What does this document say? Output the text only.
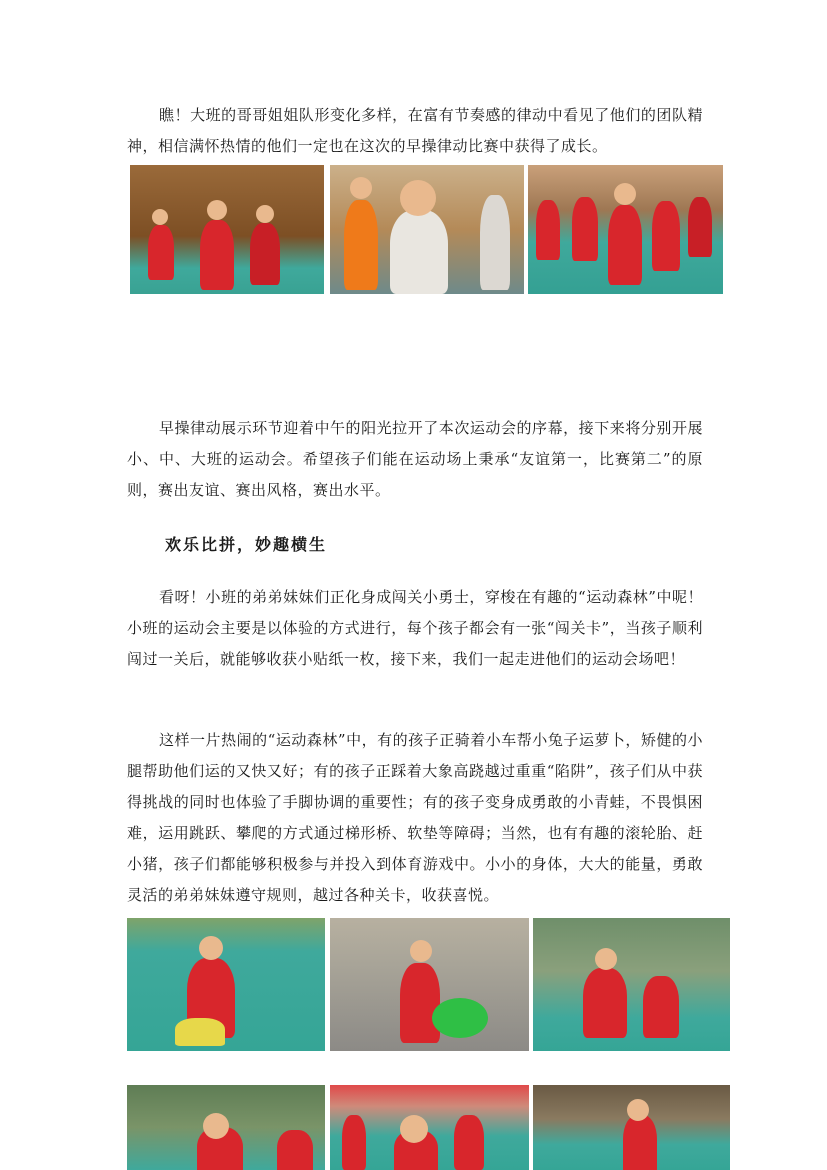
瞧！大班的哥哥姐姐队形变化多样，在富有节奏感的律动中看见了他们的团队精神，相信满怀热情的他们一定也在这次的早操律动比赛中获得了成长。

早操律动展示环节迎着中午的阳光拉开了本次运动会的序幕，接下来将分别开展小、中、大班的运动会。希望孩子们能在运动场上秉承“友谊第一，比赛第二”的原则，赛出友谊、赛出风格，赛出水平。

欢乐比拼，妙趣横生

看呀！小班的弟弟妹妹们正化身成闯关小勇士，穿梭在有趣的“运动森林”中呢！小班的运动会主要是以体验的方式进行，每个孩子都会有一张“闯关卡”，当孩子顺利闯过一关后，就能够收获小贴纸一枚，接下来，我们一起走进他们的运动会场吧！

这样一片热闹的“运动森林”中，有的孩子正骑着小车帮小兔子运萝卜，矫健的小腿帮助他们运的又快又好；有的孩子正踩着大象高跷越过重重“陷阱”，孩子们从中获得挑战的同时也体验了手脚协调的重要性；有的孩子变身成勇敢的小青蛙，不畏惧困难，运用跳跃、攀爬的方式通过梯形桥、软垫等障碍；当然，也有有趣的滚轮胎、赶小猪，孩子们都能够积极参与并投入到体育游戏中。小小的身体，大大的能量，勇敢灵活的弟弟妹妹遵守规则，越过各种关卡，收获喜悦。
